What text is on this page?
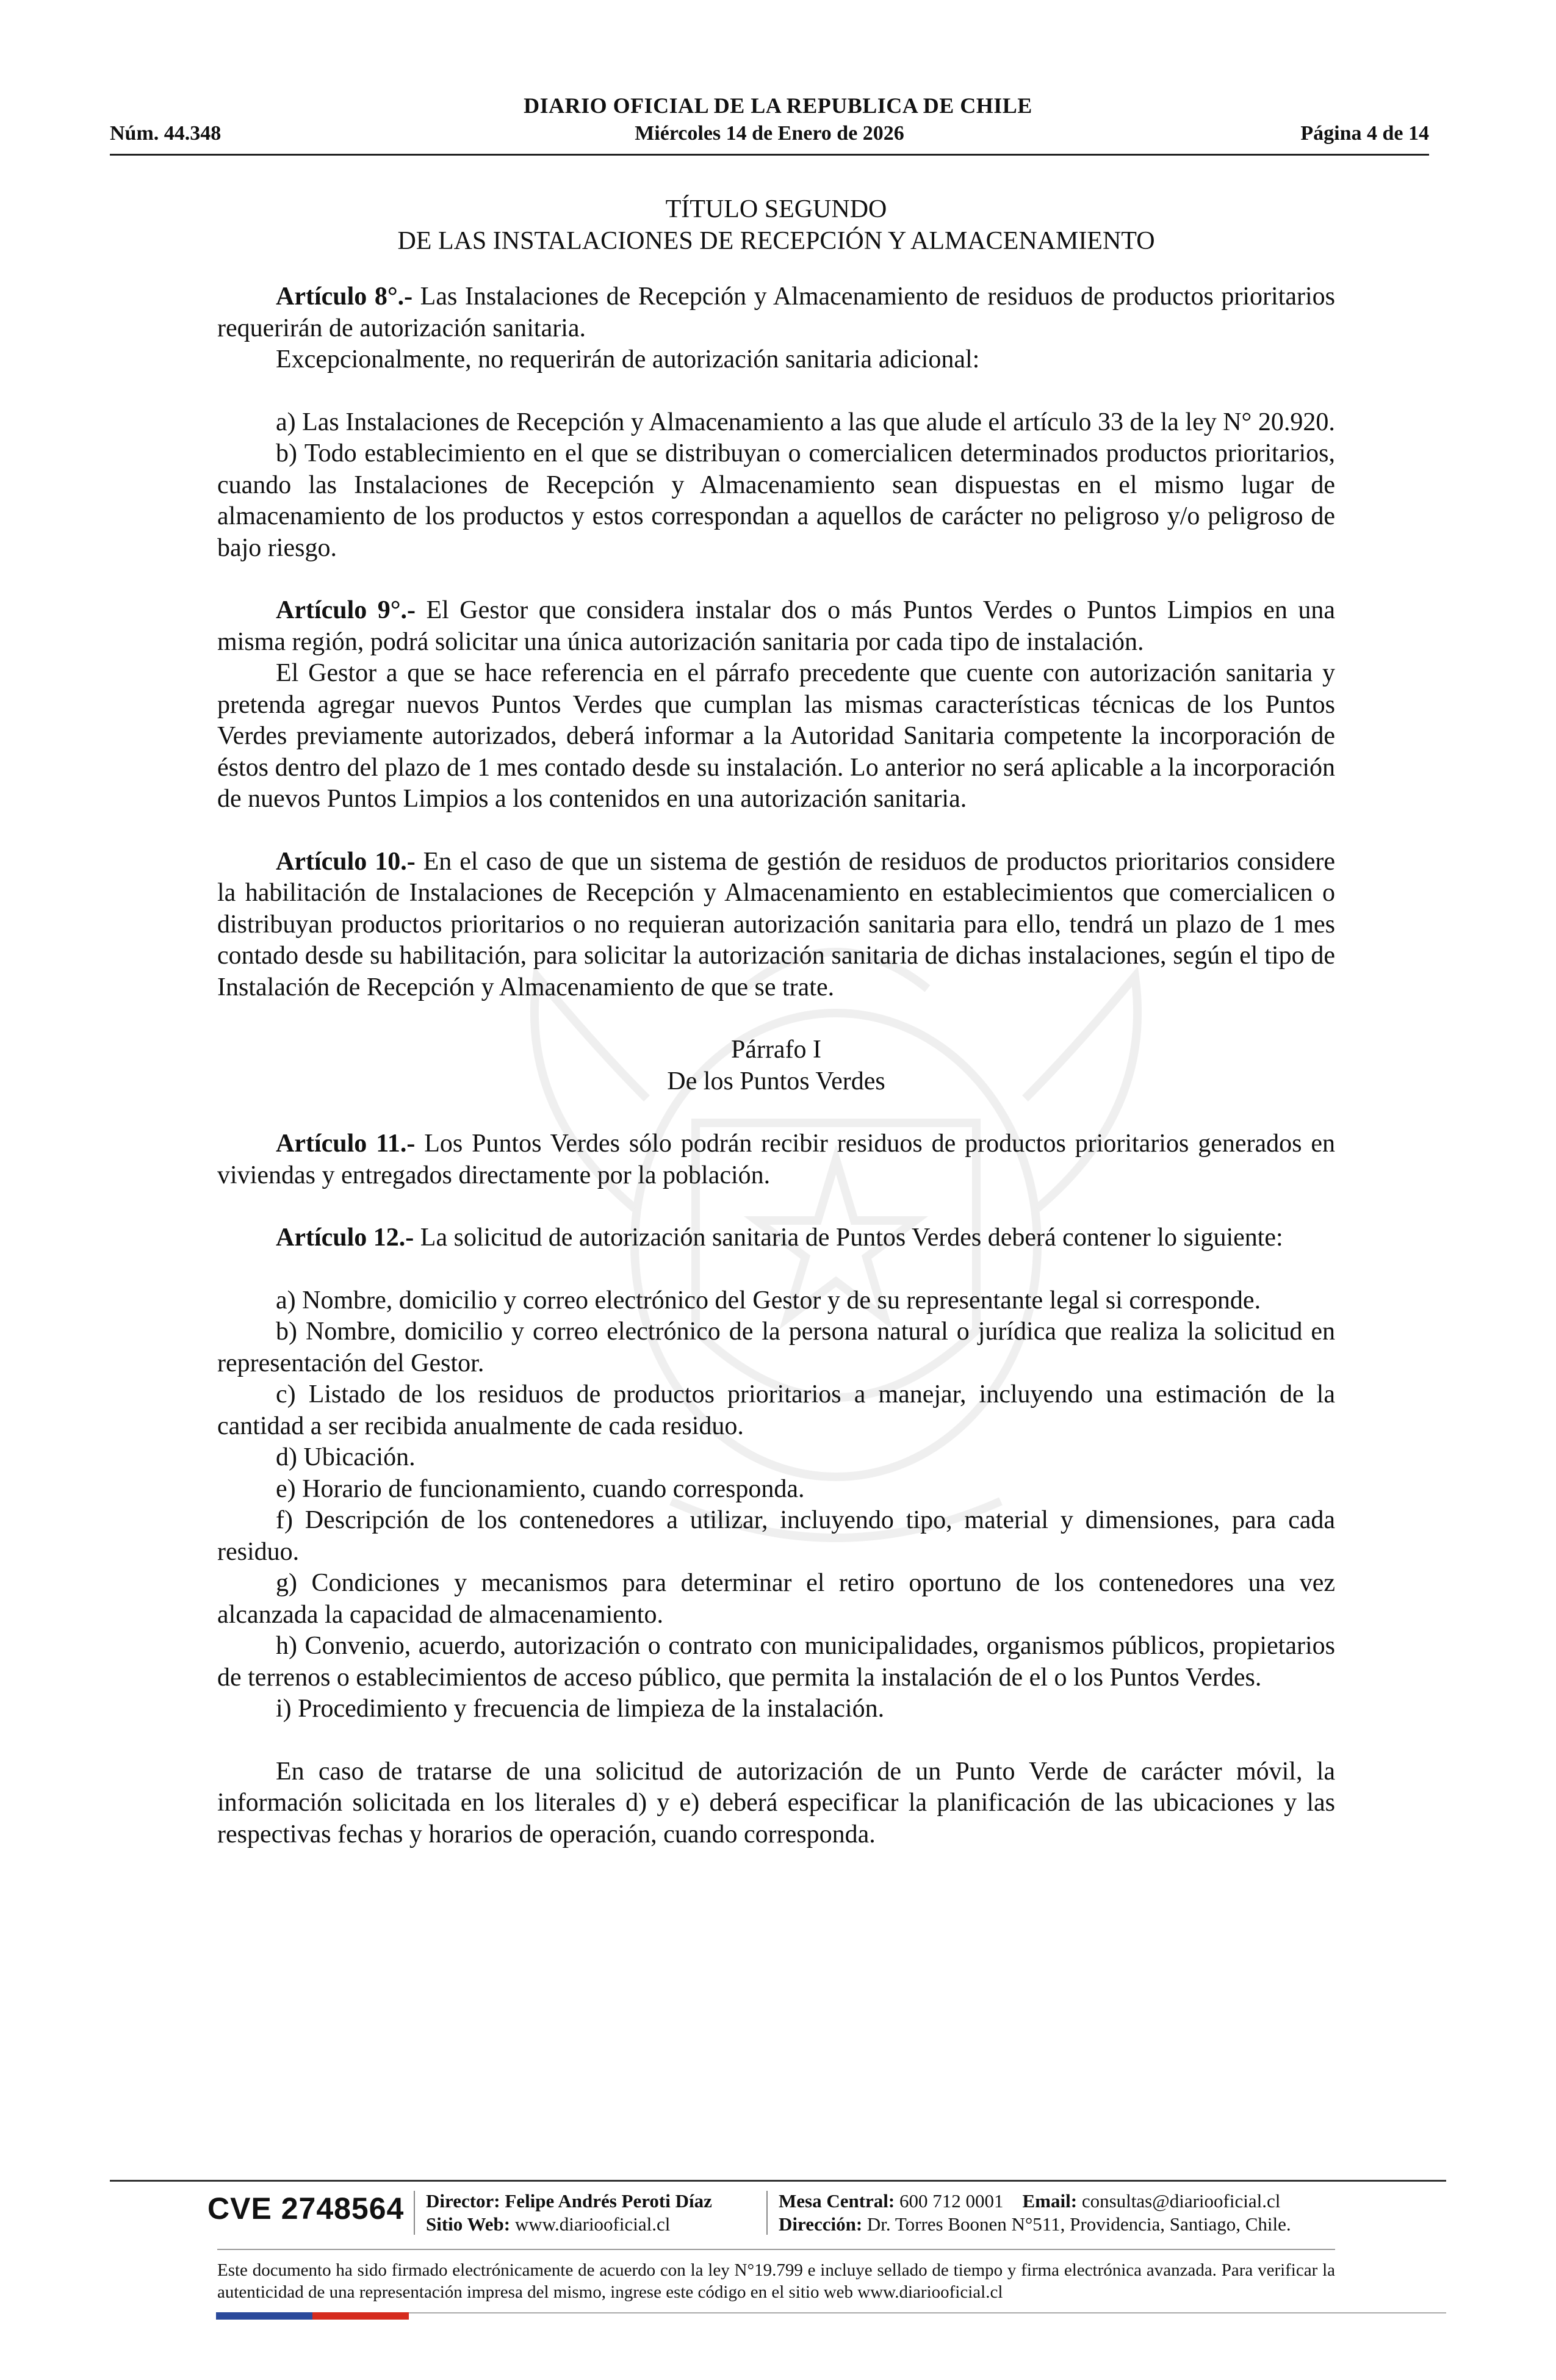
DIARIO OFICIAL DE LA REPUBLICA DE CHILE
Núm. 44.348	Miércoles 14 de Enero de 2026	Página 4 de 14

TÍTULO SEGUNDO

DE LAS INSTALACIONES DE RECEPCIÓN Y ALMACENAMIENTO

Artículo 8°.- Las Instalaciones de Recepción y Almacenamiento de residuos de productos prioritarios requerirán de autorización sanitaria.

Excepcionalmente, no requerirán de autorización sanitaria adicional:

a) Las Instalaciones de Recepción y Almacenamiento a las que alude el artículo 33 de la ley N° 20.920.

b) Todo establecimiento en el que se distribuyan o comercialicen determinados productos prioritarios, cuando las Instalaciones de Recepción y Almacenamiento sean dispuestas en el mismo lugar de almacenamiento de los productos y estos correspondan a aquellos de carácter no peligroso y/o peligroso de bajo riesgo.

Artículo 9°.- El Gestor que considera instalar dos o más Puntos Verdes o Puntos Limpios en una misma región, podrá solicitar una única autorización sanitaria por cada tipo de instalación.

El Gestor a que se hace referencia en el párrafo precedente que cuente con autorización sanitaria y pretenda agregar nuevos Puntos Verdes que cumplan las mismas características técnicas de los Puntos Verdes previamente autorizados, deberá informar a la Autoridad Sanitaria competente la incorporación de éstos dentro del plazo de 1 mes contado desde su instalación. Lo anterior no será aplicable a la incorporación de nuevos Puntos Limpios a los contenidos en una autorización sanitaria.

Artículo 10.- En el caso de que un sistema de gestión de residuos de productos prioritarios considere la habilitación de Instalaciones de Recepción y Almacenamiento en establecimientos que comercialicen o distribuyan productos prioritarios o no requieran autorización sanitaria para ello, tendrá un plazo de 1 mes contado desde su habilitación, para solicitar la autorización sanitaria de dichas instalaciones, según el tipo de Instalación de Recepción y Almacenamiento de que se trate.

Párrafo I

De los Puntos Verdes

Artículo 11.- Los Puntos Verdes sólo podrán recibir residuos de productos prioritarios generados en viviendas y entregados directamente por la población.

Artículo 12.- La solicitud de autorización sanitaria de Puntos Verdes deberá contener lo siguiente:

a) Nombre, domicilio y correo electrónico del Gestor y de su representante legal si corresponde.

b) Nombre, domicilio y correo electrónico de la persona natural o jurídica que realiza la solicitud en representación del Gestor.

c) Listado de los residuos de productos prioritarios a manejar, incluyendo una estimación de la cantidad a ser recibida anualmente de cada residuo.

d) Ubicación.

e) Horario de funcionamiento, cuando corresponda.

f) Descripción de los contenedores a utilizar, incluyendo tipo, material y dimensiones, para cada residuo.

g) Condiciones y mecanismos para determinar el retiro oportuno de los contenedores una vez alcanzada la capacidad de almacenamiento.

h) Convenio, acuerdo, autorización o contrato con municipalidades, organismos públicos, propietarios de terrenos o establecimientos de acceso público, que permita la instalación de el o los Puntos Verdes.

i) Procedimiento y frecuencia de limpieza de la instalación.

En caso de tratarse de una solicitud de autorización de un Punto Verde de carácter móvil, la información solicitada en los literales d) y e) deberá especificar la planificación de las ubicaciones y las respectivas fechas y horarios de operación, cuando corresponda.

CVE 2748564 Director: Felipe Andrés Peroti Díaz
Sitio Web: www.diariooficial.cl
Mesa Central: 600 712 0001 Email: consultas@diariooficial.cl
Dirección: Dr. Torres Boonen N°511, Providencia, Santiago, Chile.
Este documento ha sido firmado electrónicamente de acuerdo con la ley N°19.799 e incluye sellado de tiempo y firma electrónica avanzada. Para verificar la autenticidad de una representación impresa del mismo, ingrese este código en el sitio web www.diariooficial.cl
